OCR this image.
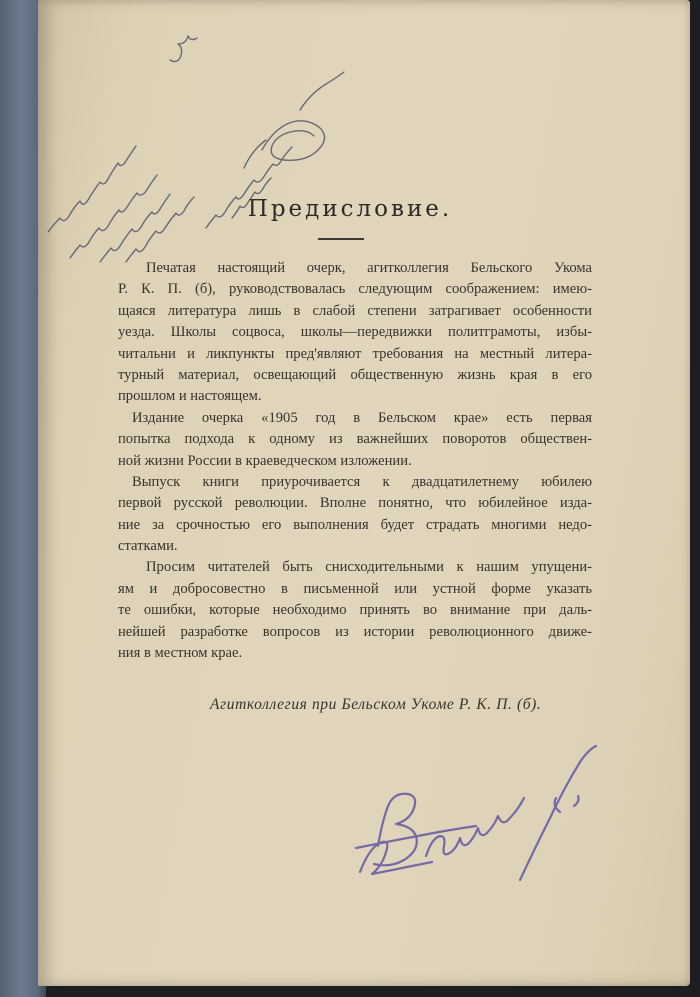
Предисловие.
Печатая настоящий очерк, агитколлегия Бельского Укома
Р. К. П. (б), руководствовалась следующим соображением: имею-
щаяся литература лишь в слабой степени затрагивает особенности
уезда. Школы соцвоса, школы—передвижки политграмоты, избы-
читальни и ликпункты пред'являют требования на местный литера-
турный материал, освещающий общественную жизнь края в его
прошлом и настоящем.
Издание очерка «1905 год в Бельском крае» есть первая
попытка подхода к одному из важнейших поворотов обществен-
ной жизни России в краеведческом изложении.
Выпуск книги приурочивается к двадцатилетнему юбилею
первой русской революции. Вполне понятно, что юбилейное изда-
ние за срочностью его выполнения будет страдать многими недо-
статками.
Просим читателей быть снисходительными к нашим упущени-
ям и добросовестно в письменной или устной форме указать
те ошибки, которые необходимо принять во внимание при даль-
нейшей разработке вопросов из истории революционного движе-
ния в местном крае.
Агитколлегия при Бельском Укоме Р. К. П. (б).
